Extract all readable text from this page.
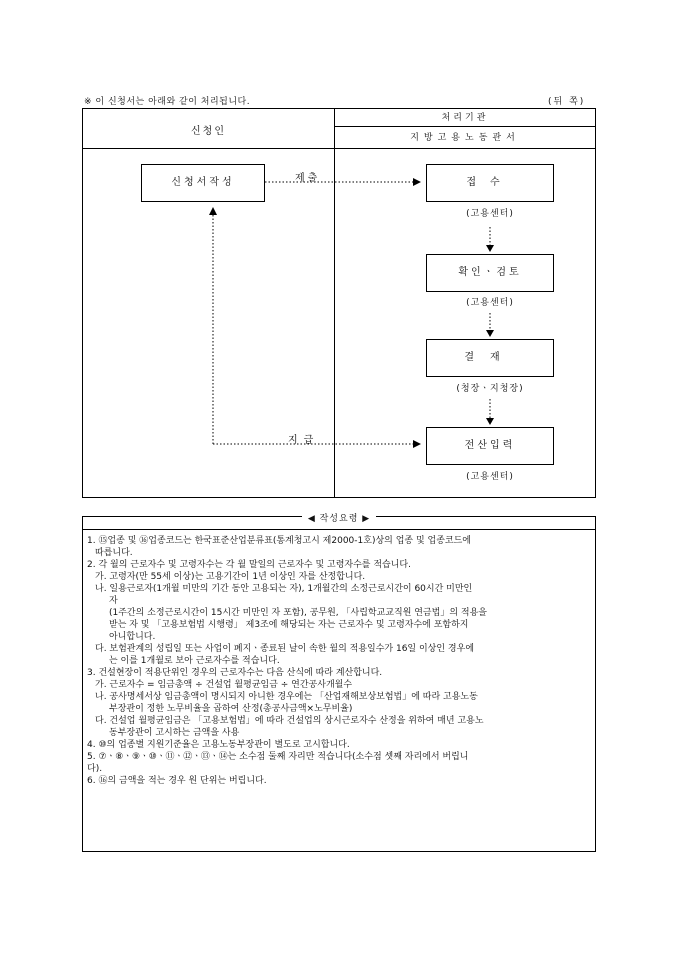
※ 이 신청서는 아래와 같이 처리됩니다.	(뒤 쪽)
신청인
처리기관
지방고용노동관서
신청서작성	제출
지급
접수
(고용센터)
확인ㆍ검토
(고용센터)
결재
(청장ㆍ지청장)
전산입력
(고용센터)
◀ 작성요령 ▶
1. ⑮업종 및 ⑯업종코드는 한국표준산업분류표(통계청고시 제2000-1호)상의 업종 및 업종코드에
따릅니다.
2. 각 월의 근로자수 및 고령자수는 각 월 말일의 근로자수 및 고령자수를 적습니다.
가. 고령자(만 55세 이상)는 고용기간이 1년 이상인 자를 산정합니다.
나. 일용근로자(1개월 미만의 기간 동안 고용되는 자), 1개월간의 소정근로시간이 60시간 미만인
자
(1주간의 소정근로시간이 15시간 미만인 자 포함), 공무원, 「사립학교교직원 연금법」의 적용을
받는 자 및 「고용보험법 시행령」 제3조에 해당되는 자는 근로자수 및 고령자수에 포함하지
아니합니다.
다. 보험관계의 성립일 또는 사업이 폐지ㆍ종료된 날이 속한 월의 적용일수가 16일 이상인 경우에
는 이를 1개월로 보아 근로자수를 적습니다.
3. 건설현장이 적용단위인 경우의 근로자수는 다음 산식에 따라 계산합니다.
가. 근로자수 = 임금총액 ÷ 건설업 월평균임금 ÷ 연간공사개월수
나. 공사명세서상 임금총액이 명시되지 아니한 경우에는 「산업재해보상보험법」에 따라 고용노동
부장관이 정한 노무비율을 곱하여 산정(총공사금액×노무비율)
다. 건설업 월평균임금은 「고용보험법」에 따라 건설업의 상시근로자수 산정을 위하여 매년 고용노
동부장관이 고시하는 금액을 사용
4. ⑩의 업종별 지원기준율은 고용노동부장관이 별도로 고시합니다.
5. ⑦ㆍ⑧ㆍ⑨ㆍ⑩ㆍ⑪ㆍ⑫ㆍ⑬ㆍ⑭는 소수점 둘째 자리만 적습니다(소수점 셋째 자리에서 버립니
다).
6. ⑯의 금액을 적는 경우 원 단위는 버립니다.
